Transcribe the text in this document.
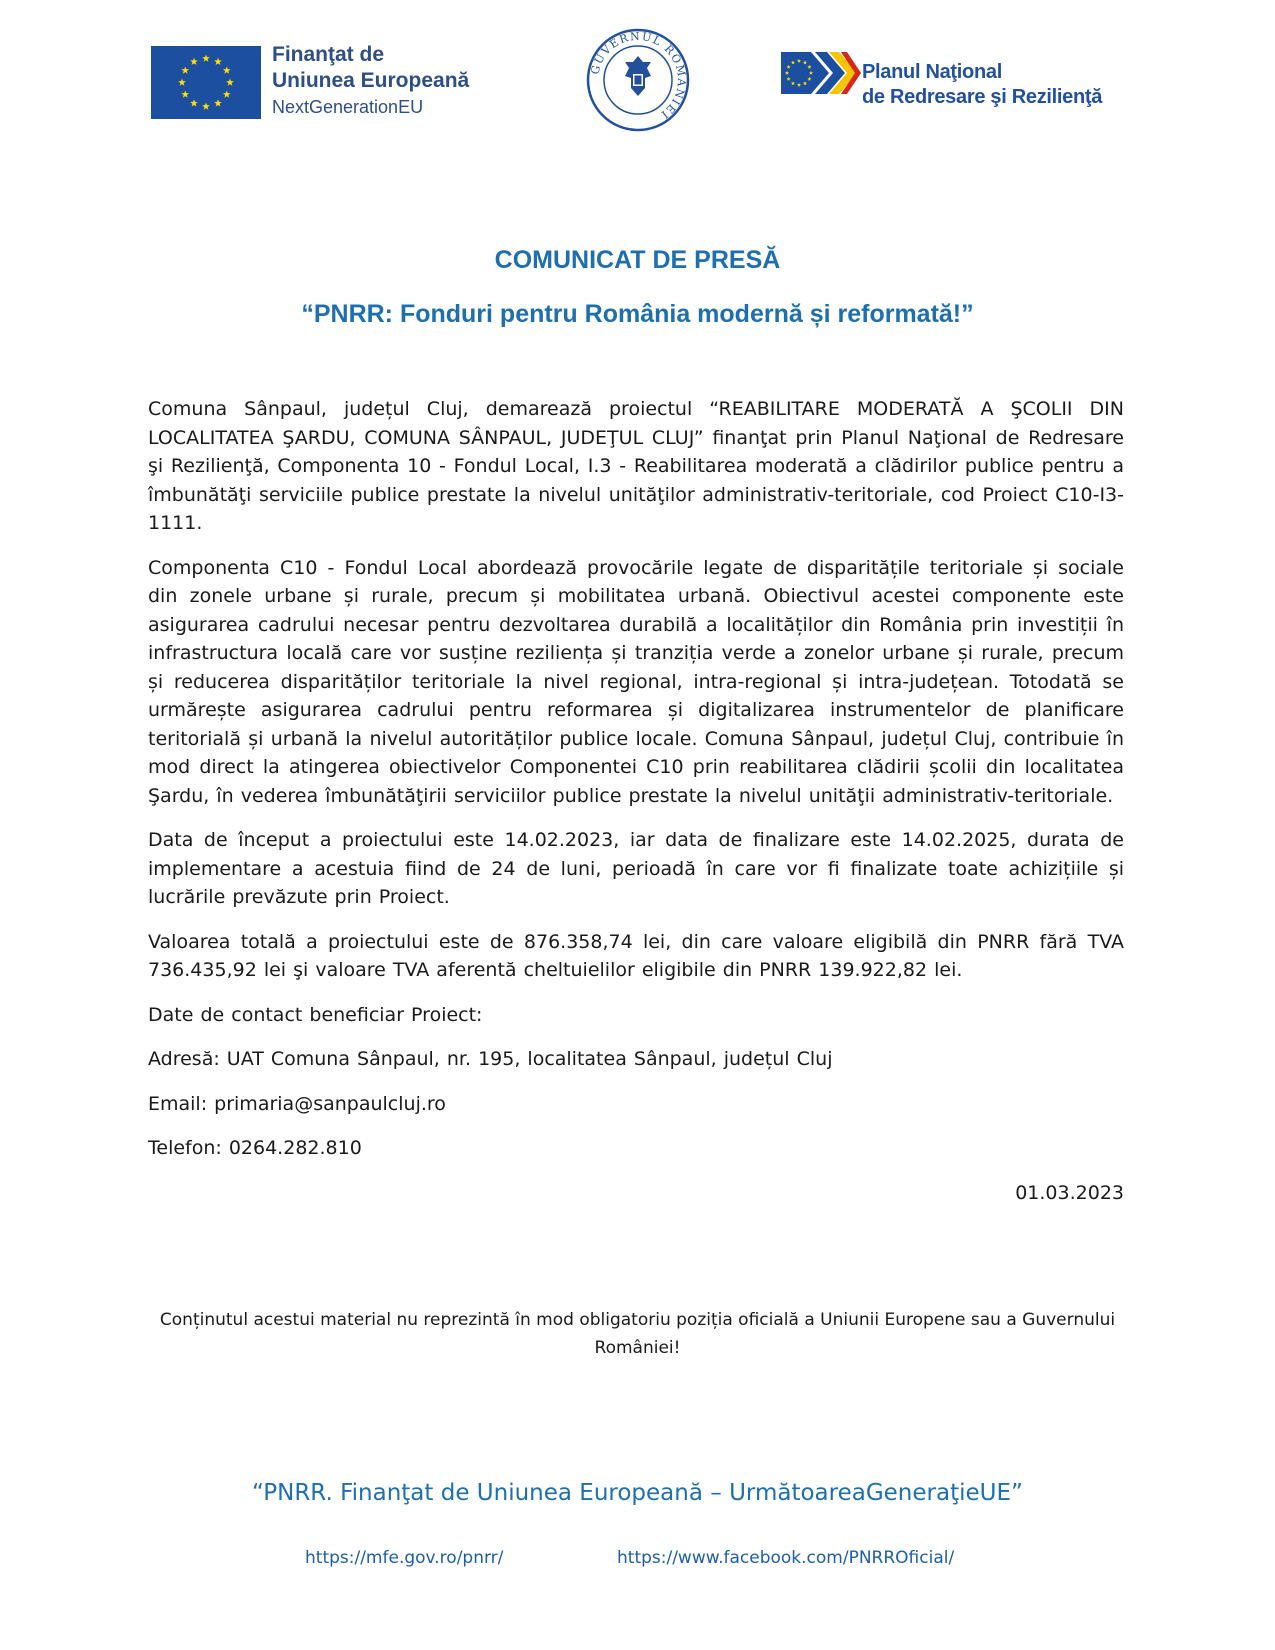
Finanţat de
Uniunea Europeană
NextGenerationEU
GUVERNUL ROMÂNIEI
Planul Naţional
de Redresare şi Rezilienţă
COMUNICAT DE PRESĂ
“PNRR: Fonduri pentru România modernă și reformată!”

Comuna Sânpaul, județul Cluj, demarează proiectul “REABILITARE MODERATĂ A ŞCOLII DIN LOCALITATEA ŞARDU, COMUNA SÂNPAUL, JUDEŢUL CLUJ” finanţat prin Planul Naţional de Redresare şi Rezilienţă, Componenta 10 - Fondul Local, I.3 - Reabilitarea moderată a clădirilor publice pentru a îmbunătăţi serviciile publice prestate la nivelul unităţilor administrativ-teritoriale, cod Proiect C10-I3-1111.

Componenta C10 - Fondul Local abordează provocările legate de disparitățile teritoriale și sociale din zonele urbane și rurale, precum și mobilitatea urbană. Obiectivul acestei componente este asigurarea cadrului necesar pentru dezvoltarea durabilă a localităților din România prin investiții în infrastructura locală care vor susține reziliența și tranziția verde a zonelor urbane și rurale, precum și reducerea disparităților teritoriale la nivel regional, intra-regional și intra-județean. Totodată se urmărește asigurarea cadrului pentru reformarea și digitalizarea instrumentelor de planificare teritorială și urbană la nivelul autorităților publice locale. Comuna Sânpaul, județul Cluj, contribuie în mod direct la atingerea obiectivelor Componentei C10 prin reabilitarea clădirii școlii din localitatea Şardu, în vederea îmbunătăţirii serviciilor publice prestate la nivelul unităţii administrativ-teritoriale.

Data de început a proiectului este 14.02.2023, iar data de finalizare este 14.02.2025, durata de implementare a acestuia fiind de 24 de luni, perioadă în care vor fi finalizate toate achizițiile și lucrările prevăzute prin Proiect.

Valoarea totală a proiectului este de 876.358,74 lei, din care valoare eligibilă din PNRR fără TVA 736.435,92 lei şi valoare TVA aferentă cheltuielilor eligibile din PNRR 139.922,82 lei.

Date de contact beneficiar Proiect:

Adresă: UAT Comuna Sânpaul, nr. 195, localitatea Sânpaul, județul Cluj

Email: primaria@sanpaulcluj.ro

Telefon: 0264.282.810

01.03.2023

Conținutul acestui material nu reprezintă în mod obligatoriu poziția oficială a Uniunii Europene sau a Guvernului României!
“PNRR. Finanţat de Uniunea Europeană – UrmătoareaGeneraţieUE”
https://mfe.gov.ro/pnrr/	https://www.facebook.com/PNRROficial/
